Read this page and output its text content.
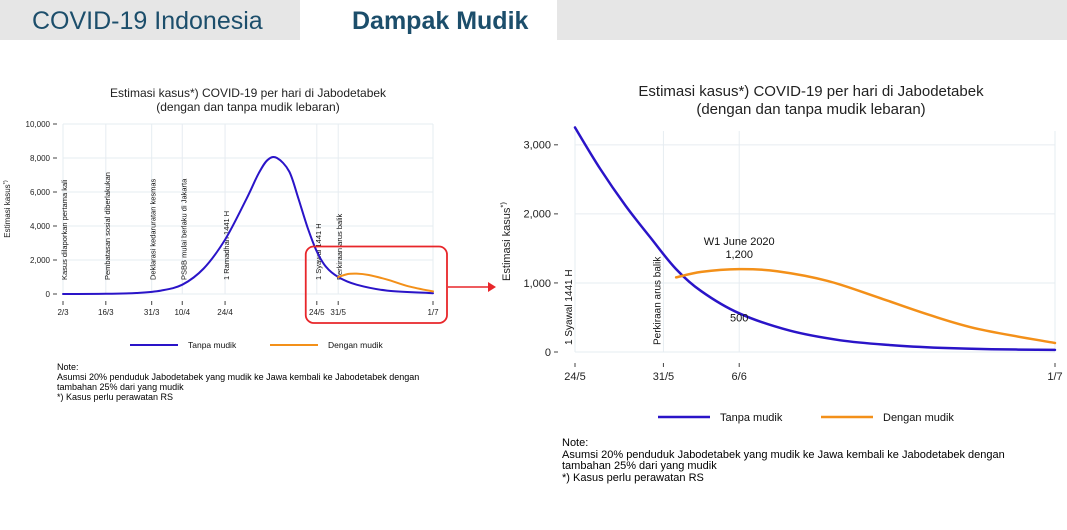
COVID-19 Indonesia	Dampak Mudik
Estimasi kasus*) COVID-19 per hari di Jabodetabek
(dengan dan tanpa mudik lebaran)
0
2,000
4,000
6,000
8,000
10,000
2/3	16/3	31/3 10/4	24/4	24/5 31/5	1/7
Estimasi kasus*)	Kasus dilaporkan pertama kali	Pembatasan sosial diberlakukan	Deklarasi kedaruratan kesmas	PSBB mulai berlaku di Jakarta	1 Ramadhan 1441 H	1 Syawal 1441 H Perkiraan arus balik
Tanpa mudik	Dengan mudik
Estimasi kasus*) COVID-19 per hari di Jabodetabek
(dengan dan tanpa mudik lebaran)
0
1,000
2,000
3,000
24/5	31/5	6/6	1/7
Estimasi kasus*)
1 Syawal 1441 H	Perkiraan arus balik
W1 June 2020
1,200
500
Tanpa mudik	Dengan mudik
Note:
Asumsi 20% penduduk Jabodetabek yang mudik ke Jawa kembali ke Jabodetabek dengan
tambahan 25% dari yang mudik
*) Kasus perlu perawatan RS
Note:
Asumsi 20% penduduk Jabodetabek yang mudik ke Jawa kembali ke Jabodetabek dengan
tambahan 25% dari yang mudik
*) Kasus perlu perawatan RS
